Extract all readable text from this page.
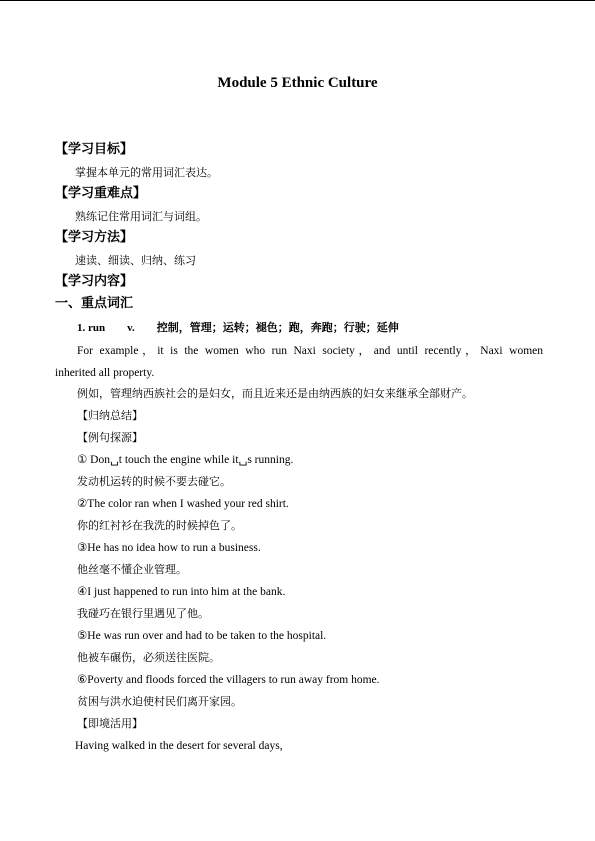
Module 5 Ethnic Culture
【学习目标】
掌握本单元的常用词汇表达。
【学习重难点】
熟练记住常用词汇与词组。
【学习方法】
速读、细读、归纳、练习
【学习内容】
一、重点词汇
1. run　　v.　　控制，管理；运转；褪色；跑，奔跑；行驶；延伸
For example，it is the women who run Naxi society，and until recently，Naxi women
inherited all property.
例如，管理纳西族社会的是妇女，而且近来还是由纳西族的妇女来继承全部财产。
【归纳总结】
【例句探源】
① Don␣t touch the engine while it␣s running.
发动机运转的时候不要去碰它。
②The color ran when I washed your red shirt.
你的红衬衫在我洗的时候掉色了。
③He has no idea how to run a business.
他丝毫不懂企业管理。
④I just happened to run into him at the bank.
我碰巧在银行里遇见了他。
⑤He was run over and had to be taken to the hospital.
他被车碾伤，必须送往医院。
⑥Poverty and floods forced the villagers to run away from home.
贫困与洪水迫使村民们离开家园。
【即境活用】
Having walked in the desert for several days,
